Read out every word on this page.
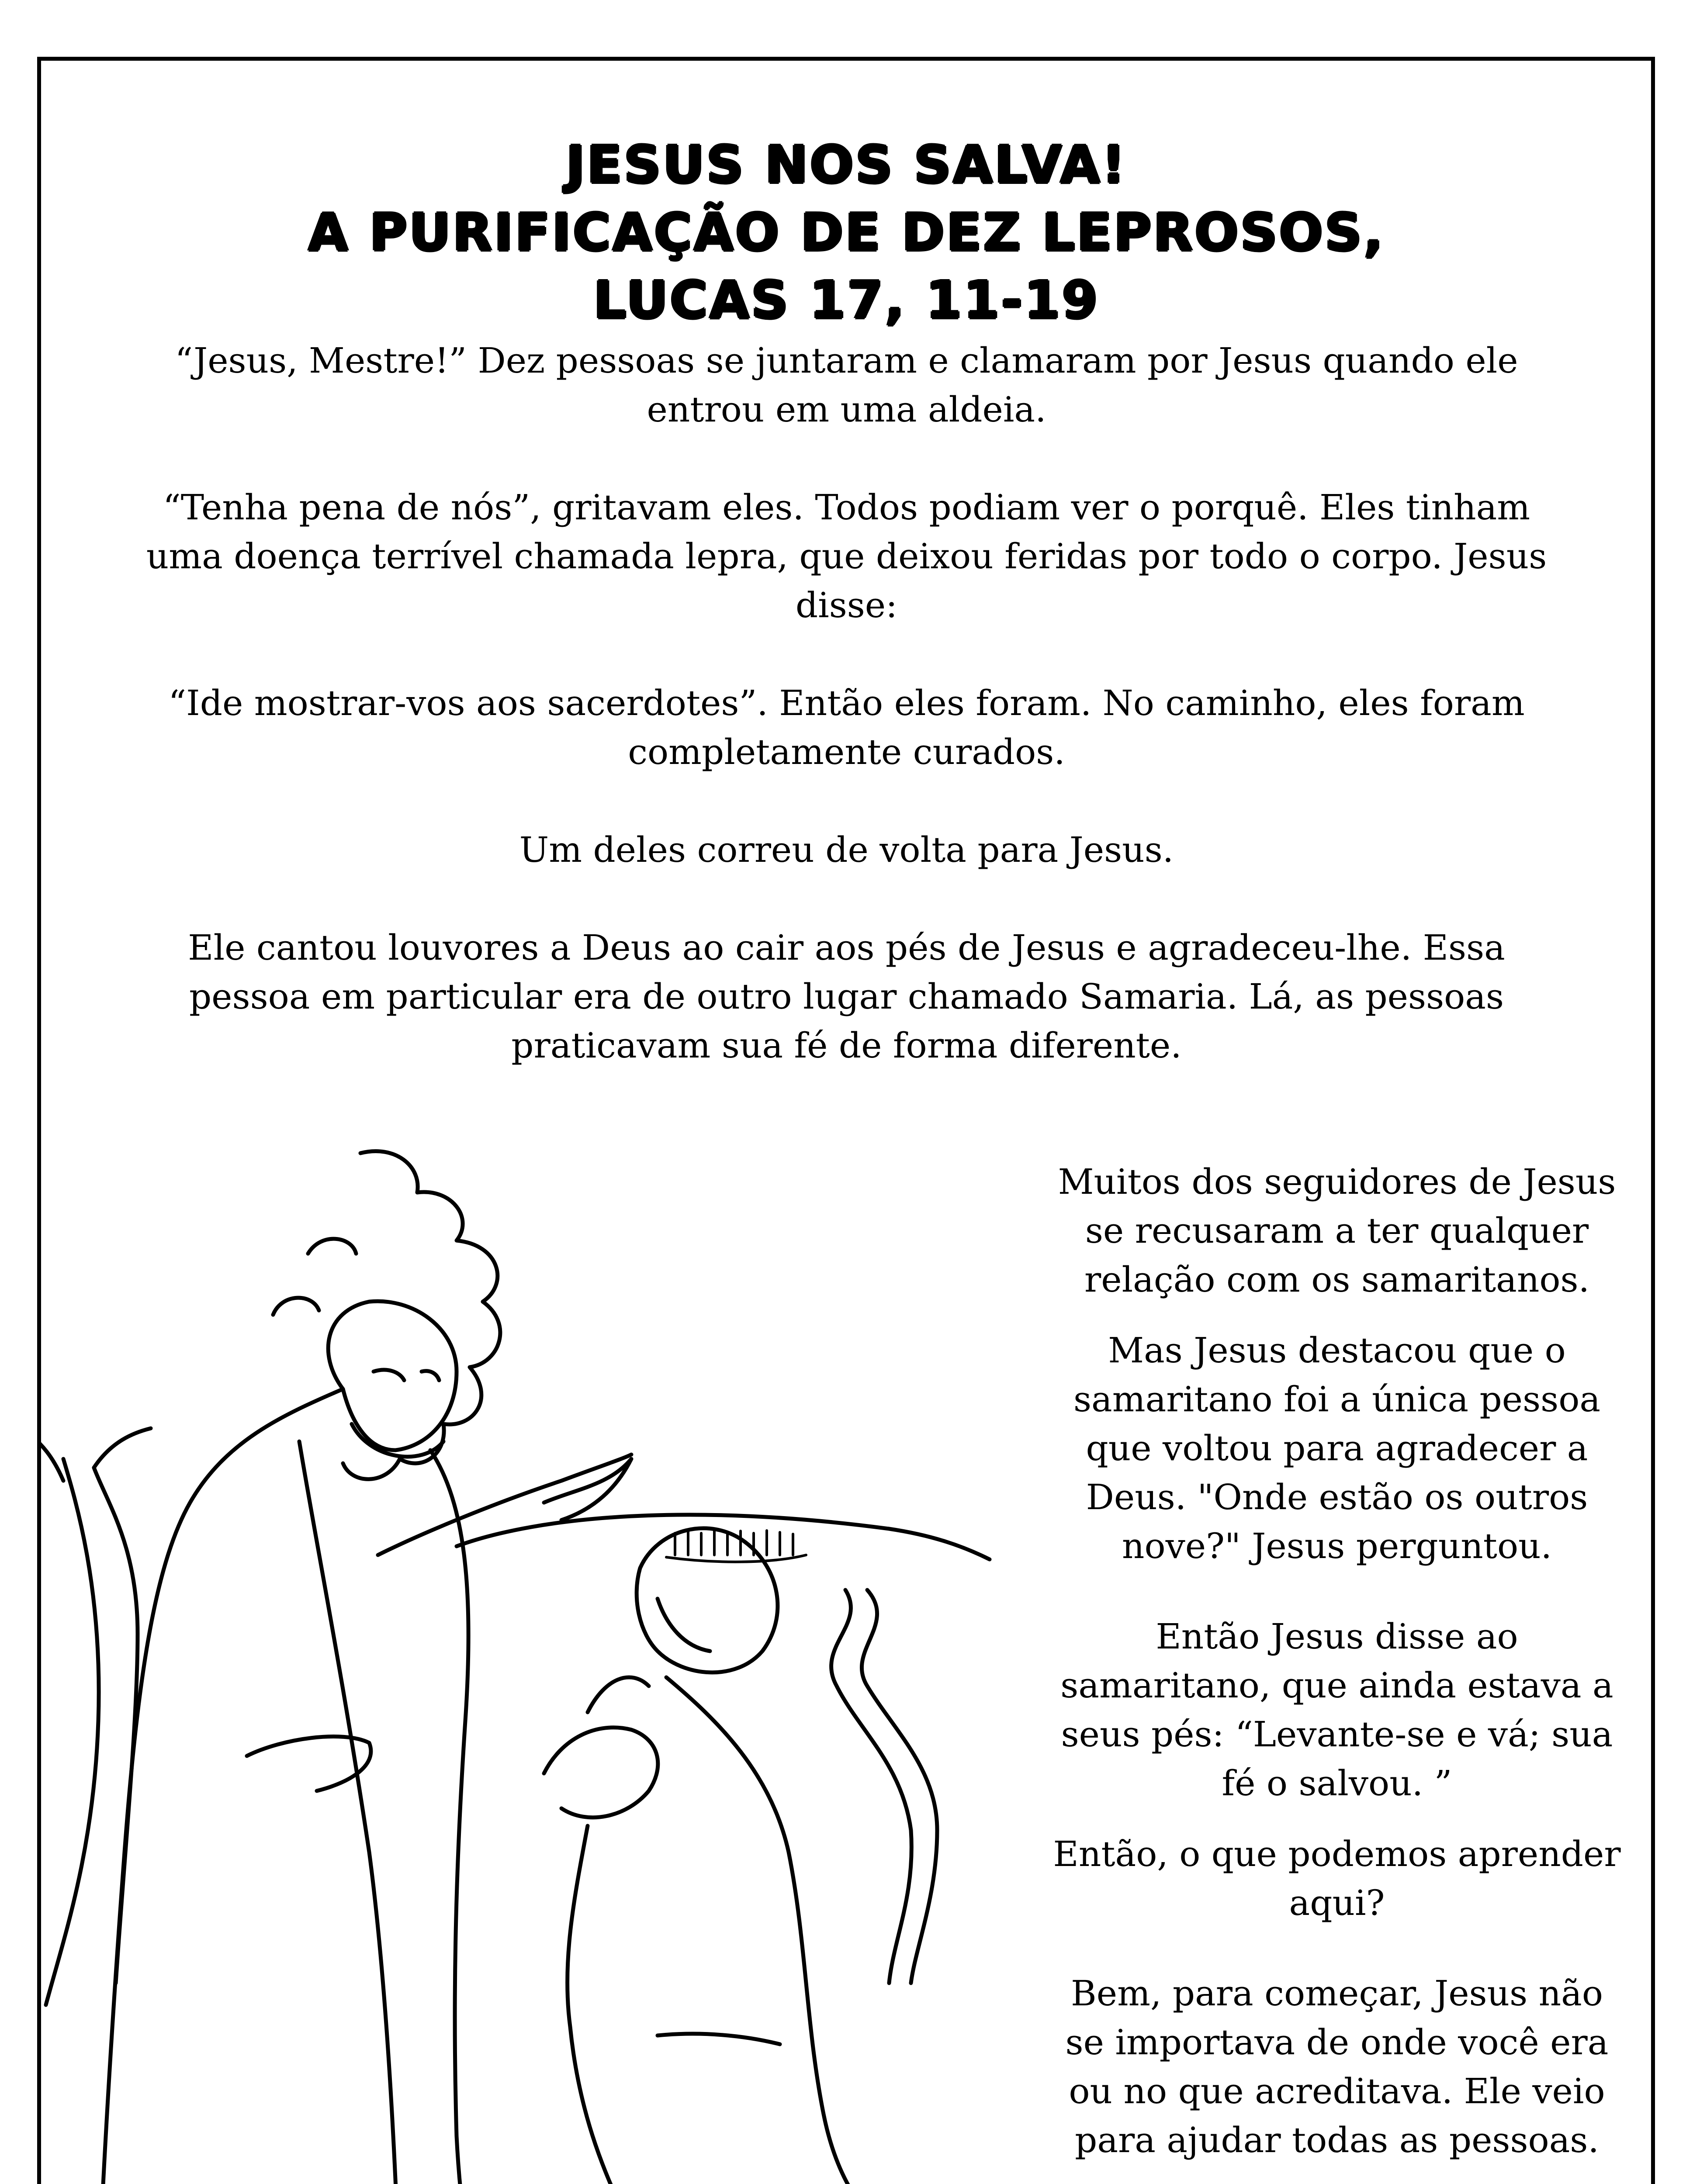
JESUS NOS SALVA!
A PURIFICAÇÃO DE DEZ LEPROSOS,
LUCAS 17, 11-19

“Jesus, Mestre!” Dez pessoas se juntaram e clamaram por Jesus quando ele entrou em uma aldeia.

“Tenha pena de nós”, gritavam eles. Todos podiam ver o porquê. Eles tinham uma doença terrível chamada lepra, que deixou feridas por todo o corpo. Jesus disse:

“Ide mostrar-vos aos sacerdotes”. Então eles foram. No caminho, eles foram completamente curados.

Um deles correu de volta para Jesus.

Ele cantou louvores a Deus ao cair aos pés de Jesus e agradeceu-lhe. Essa pessoa em particular era de outro lugar chamado Samaria. Lá, as pessoas praticavam sua fé de forma diferente.

Muitos dos seguidores de Jesus se recusaram a ter qualquer relação com os samaritanos.

Mas Jesus destacou que o samaritano foi a única pessoa que voltou para agradecer a Deus. "Onde estão os outros nove?" Jesus perguntou.

Então Jesus disse ao samaritano, que ainda estava a seus pés: “Levante-se e vá; sua fé o salvou. ”

Então, o que podemos aprender aqui?

Bem, para começar, Jesus não se importava de onde você era ou no que acreditava. Ele veio para ajudar todas as pessoas.
